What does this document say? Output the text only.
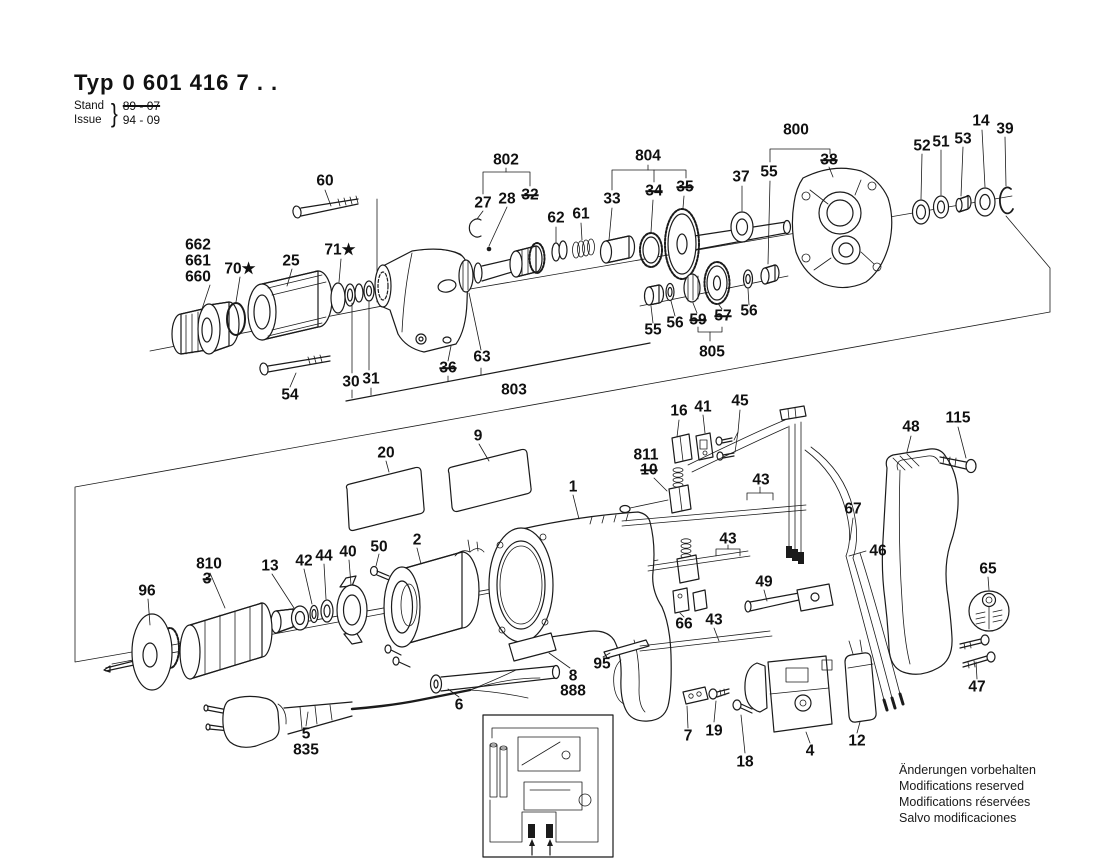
Typ 0 601 416 7 . .
Stand
Issue } 89 - 07
94 - 09
60
802
27 28 32
62 61
804
33 34 35
37 55
800
38
52 51 53
14 39
662
661
660 70★ 25
71★
30 31
54
36
63
803
55 56 59 57 56
805
96
810
3
13 42 44 40 50 2
20
9
1
811
10
16 41 45
43
43
43
67
46
49
66
48
115
65
47
95
8
888
6
5
835
7 19
18
4
12
Änderungen vorbehalten
Modifications reserved
Modifications réservées
Salvo modificaciones
